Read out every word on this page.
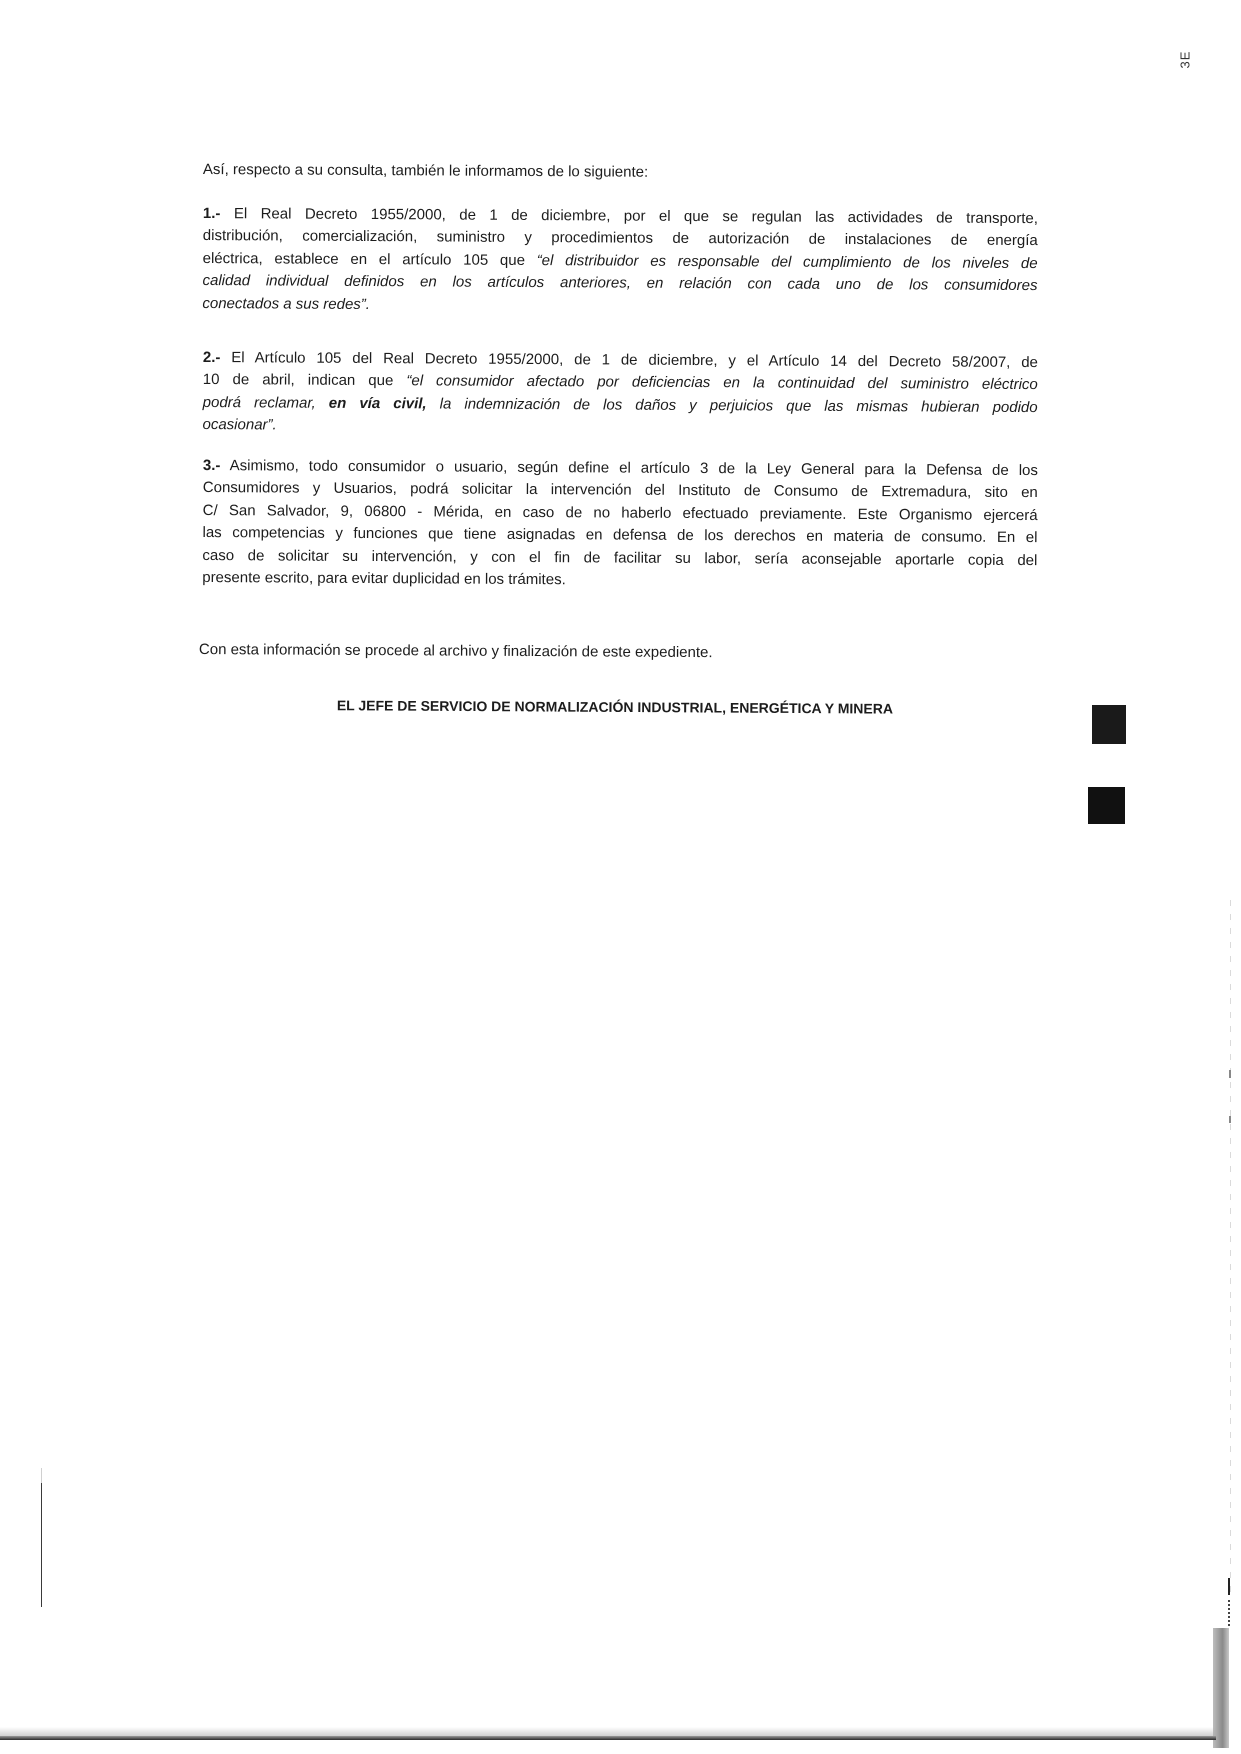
3E
Así, respecto a su consulta, también le informamos de lo siguiente:
1.- El Real Decreto 1955/2000, de 1 de diciembre, por el que se regulan las actividades de transporte,
distribución, comercialización, suministro y procedimientos de autorización de instalaciones de energía
eléctrica, establece en el artículo 105 que “el distribuidor es responsable del cumplimiento de los niveles de
calidad individual definidos en los artículos anteriores, en relación con cada uno de los consumidores
conectados a sus redes”.
2.- El Artículo 105 del Real Decreto 1955/2000, de 1 de diciembre, y el Artículo 14 del Decreto 58/2007, de
10 de abril, indican que “el consumidor afectado por deficiencias en la continuidad del suministro eléctrico
podrá reclamar, en vía civil, la indemnización de los daños y perjuicios que las mismas hubieran podido
ocasionar”.
3.- Asimismo, todo consumidor o usuario, según define el artículo 3 de la Ley General para la Defensa de los
Consumidores y Usuarios, podrá solicitar la intervención del Instituto de Consumo de Extremadura, sito en
C/ San Salvador, 9, 06800 - Mérida, en caso de no haberlo efectuado previamente. Este Organismo ejercerá
las competencias y funciones que tiene asignadas en defensa de los derechos en materia de consumo. En el
caso de solicitar su intervención, y con el fin de facilitar su labor, sería aconsejable aportarle copia del
presente escrito, para evitar duplicidad en los trámites.
Con esta información se procede al archivo y finalización de este expediente.
EL JEFE DE SERVICIO DE NORMALIZACIÓN INDUSTRIAL, ENERGÉTICA Y MINERA
